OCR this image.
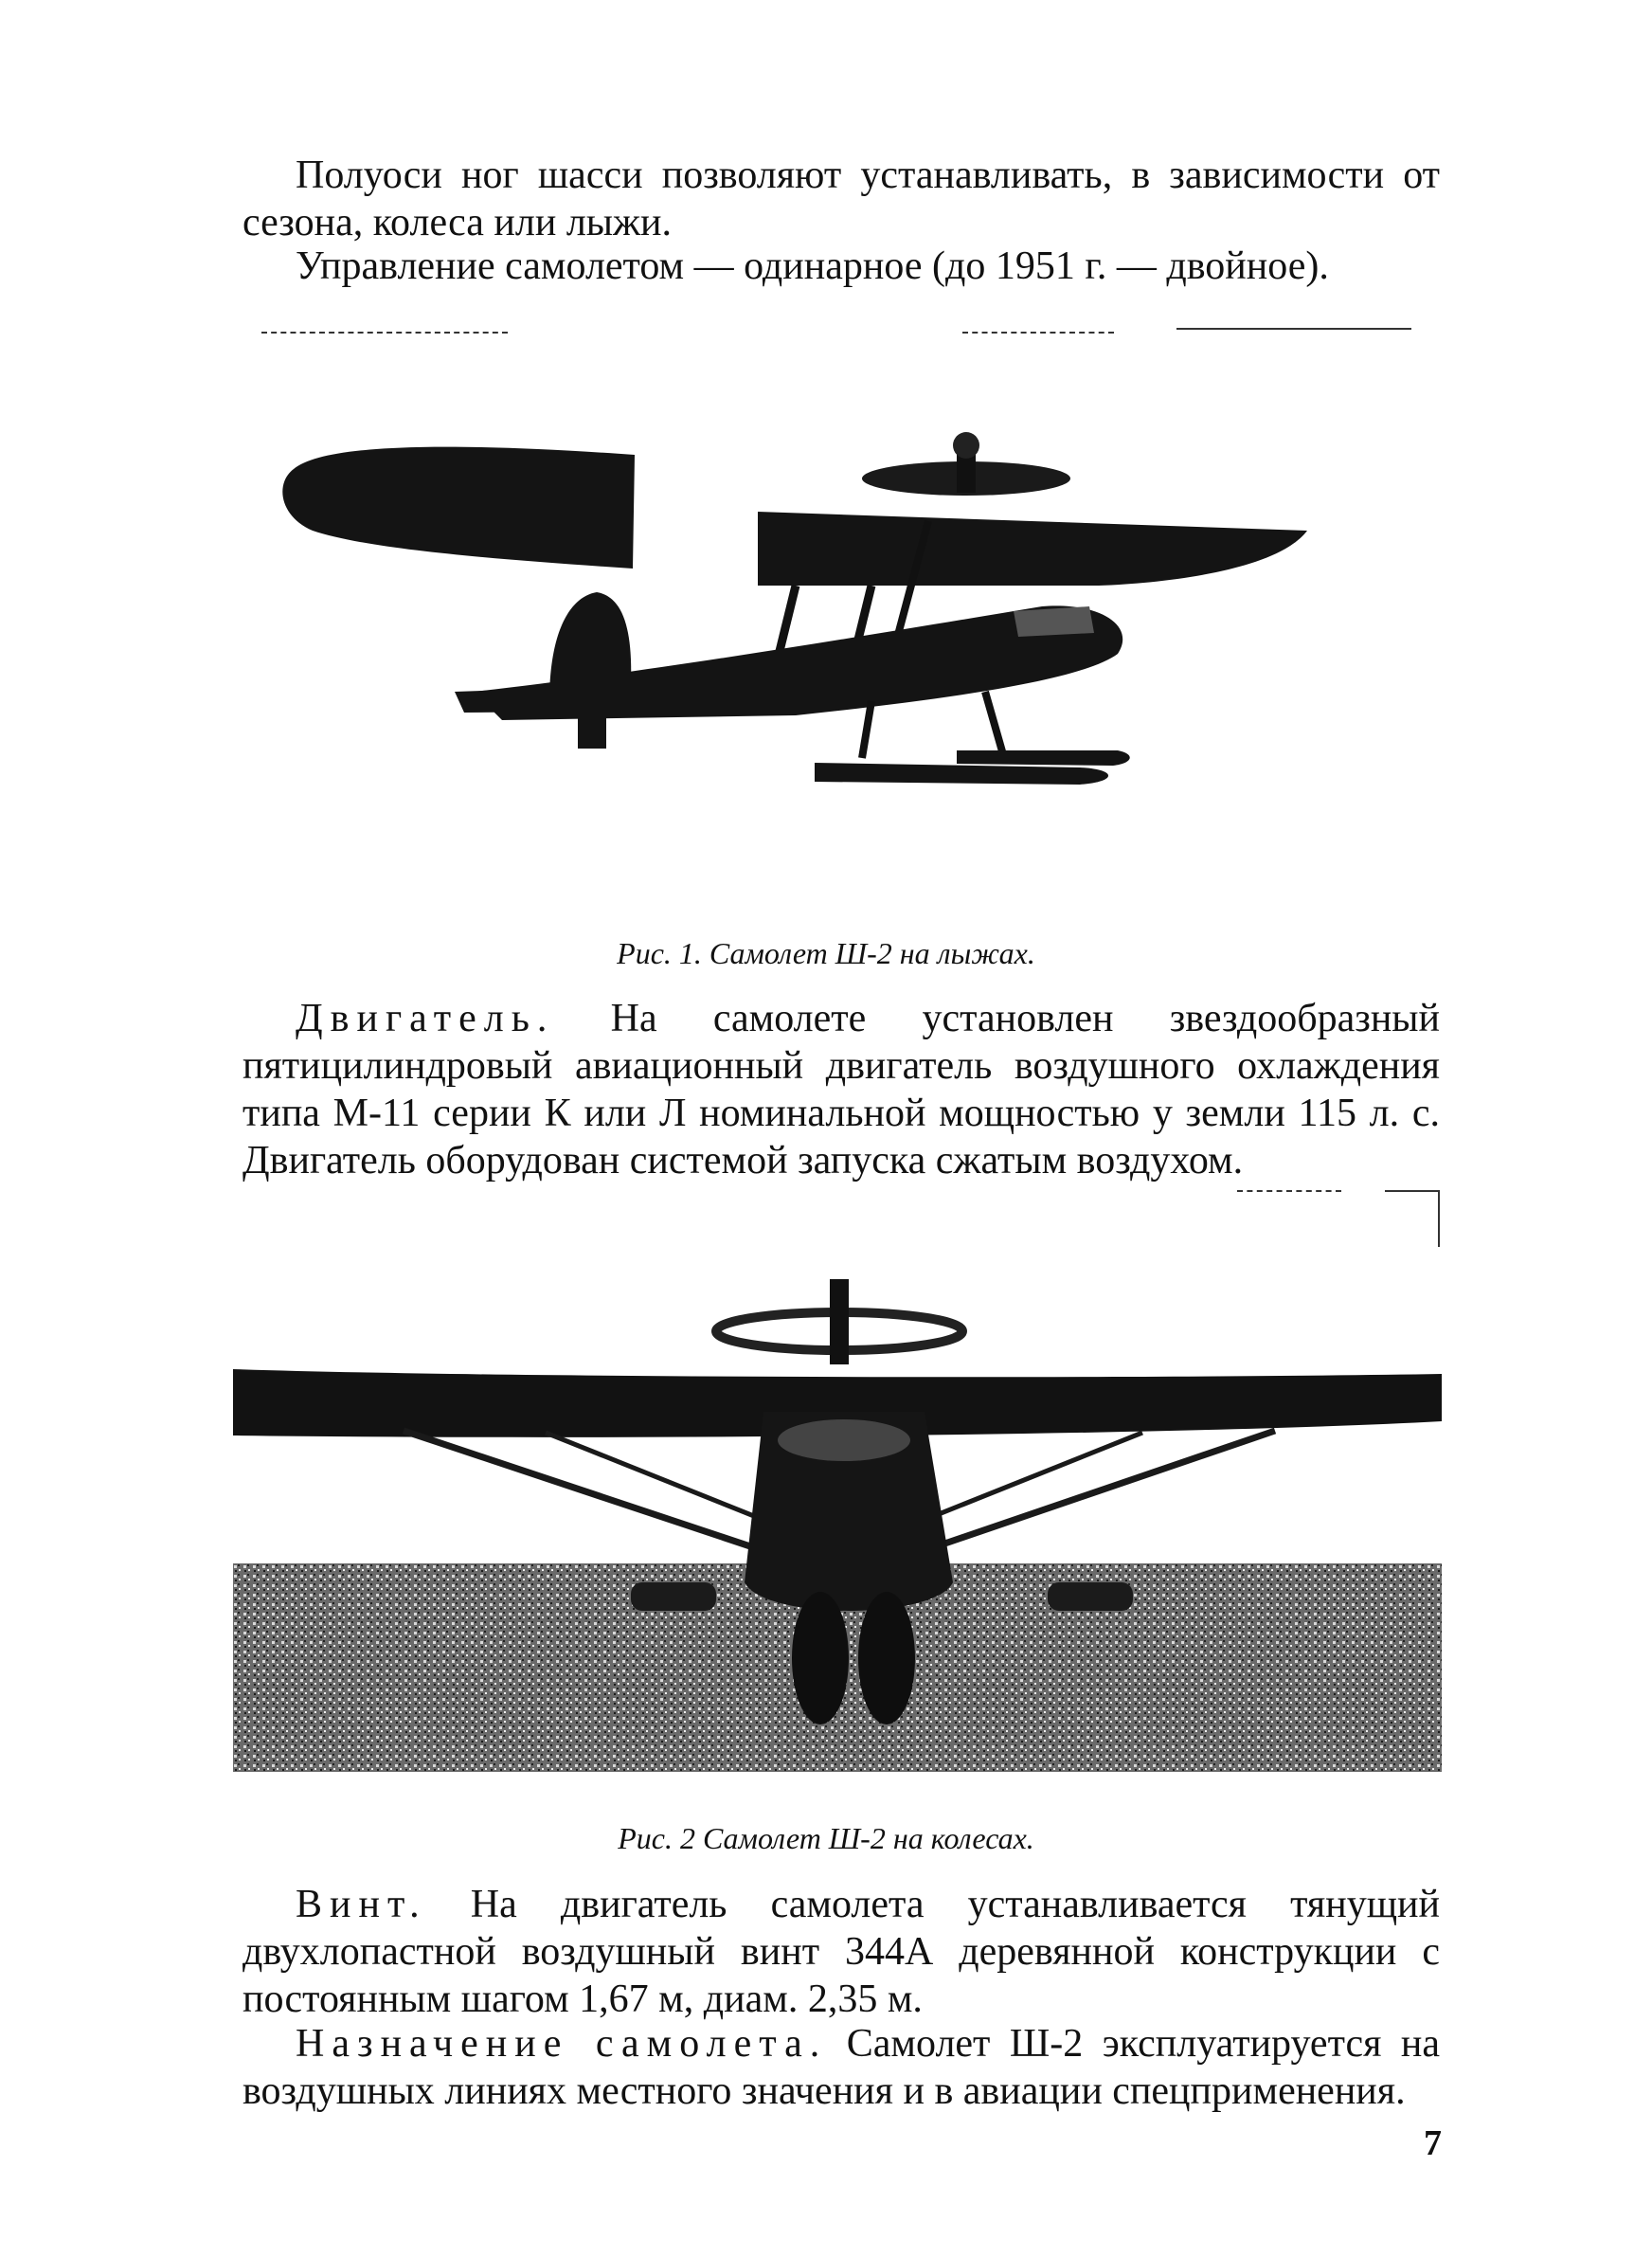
Полуоси ног шасси позволяют устанавливать, в зависимости от сезона, колеса или лыжи.

Управление самолетом — одинарное (до 1951 г. — двойное).

Рис. 1. Самолет Ш-2 на лыжах.

Двигатель. На самолете установлен звездообразный пятицилиндровый авиационный двигатель воздушного охлаждения типа М-11 серии К или Л номинальной мощностью у земли 115 л. с. Двигатель оборудован системой запуска сжатым воздухом.

Рис. 2 Самолет Ш-2 на колесах.

Винт. На двигатель самолета устанавливается тянущий двухлопастной воздушный винт 344А деревянной конструкции с постоянным шагом 1,67 м, диам. 2,35 м.

Назначение самолета. Самолет Ш-2 эксплуатируется на воздушных линиях местного значения и в авиации спецприменения.

7
